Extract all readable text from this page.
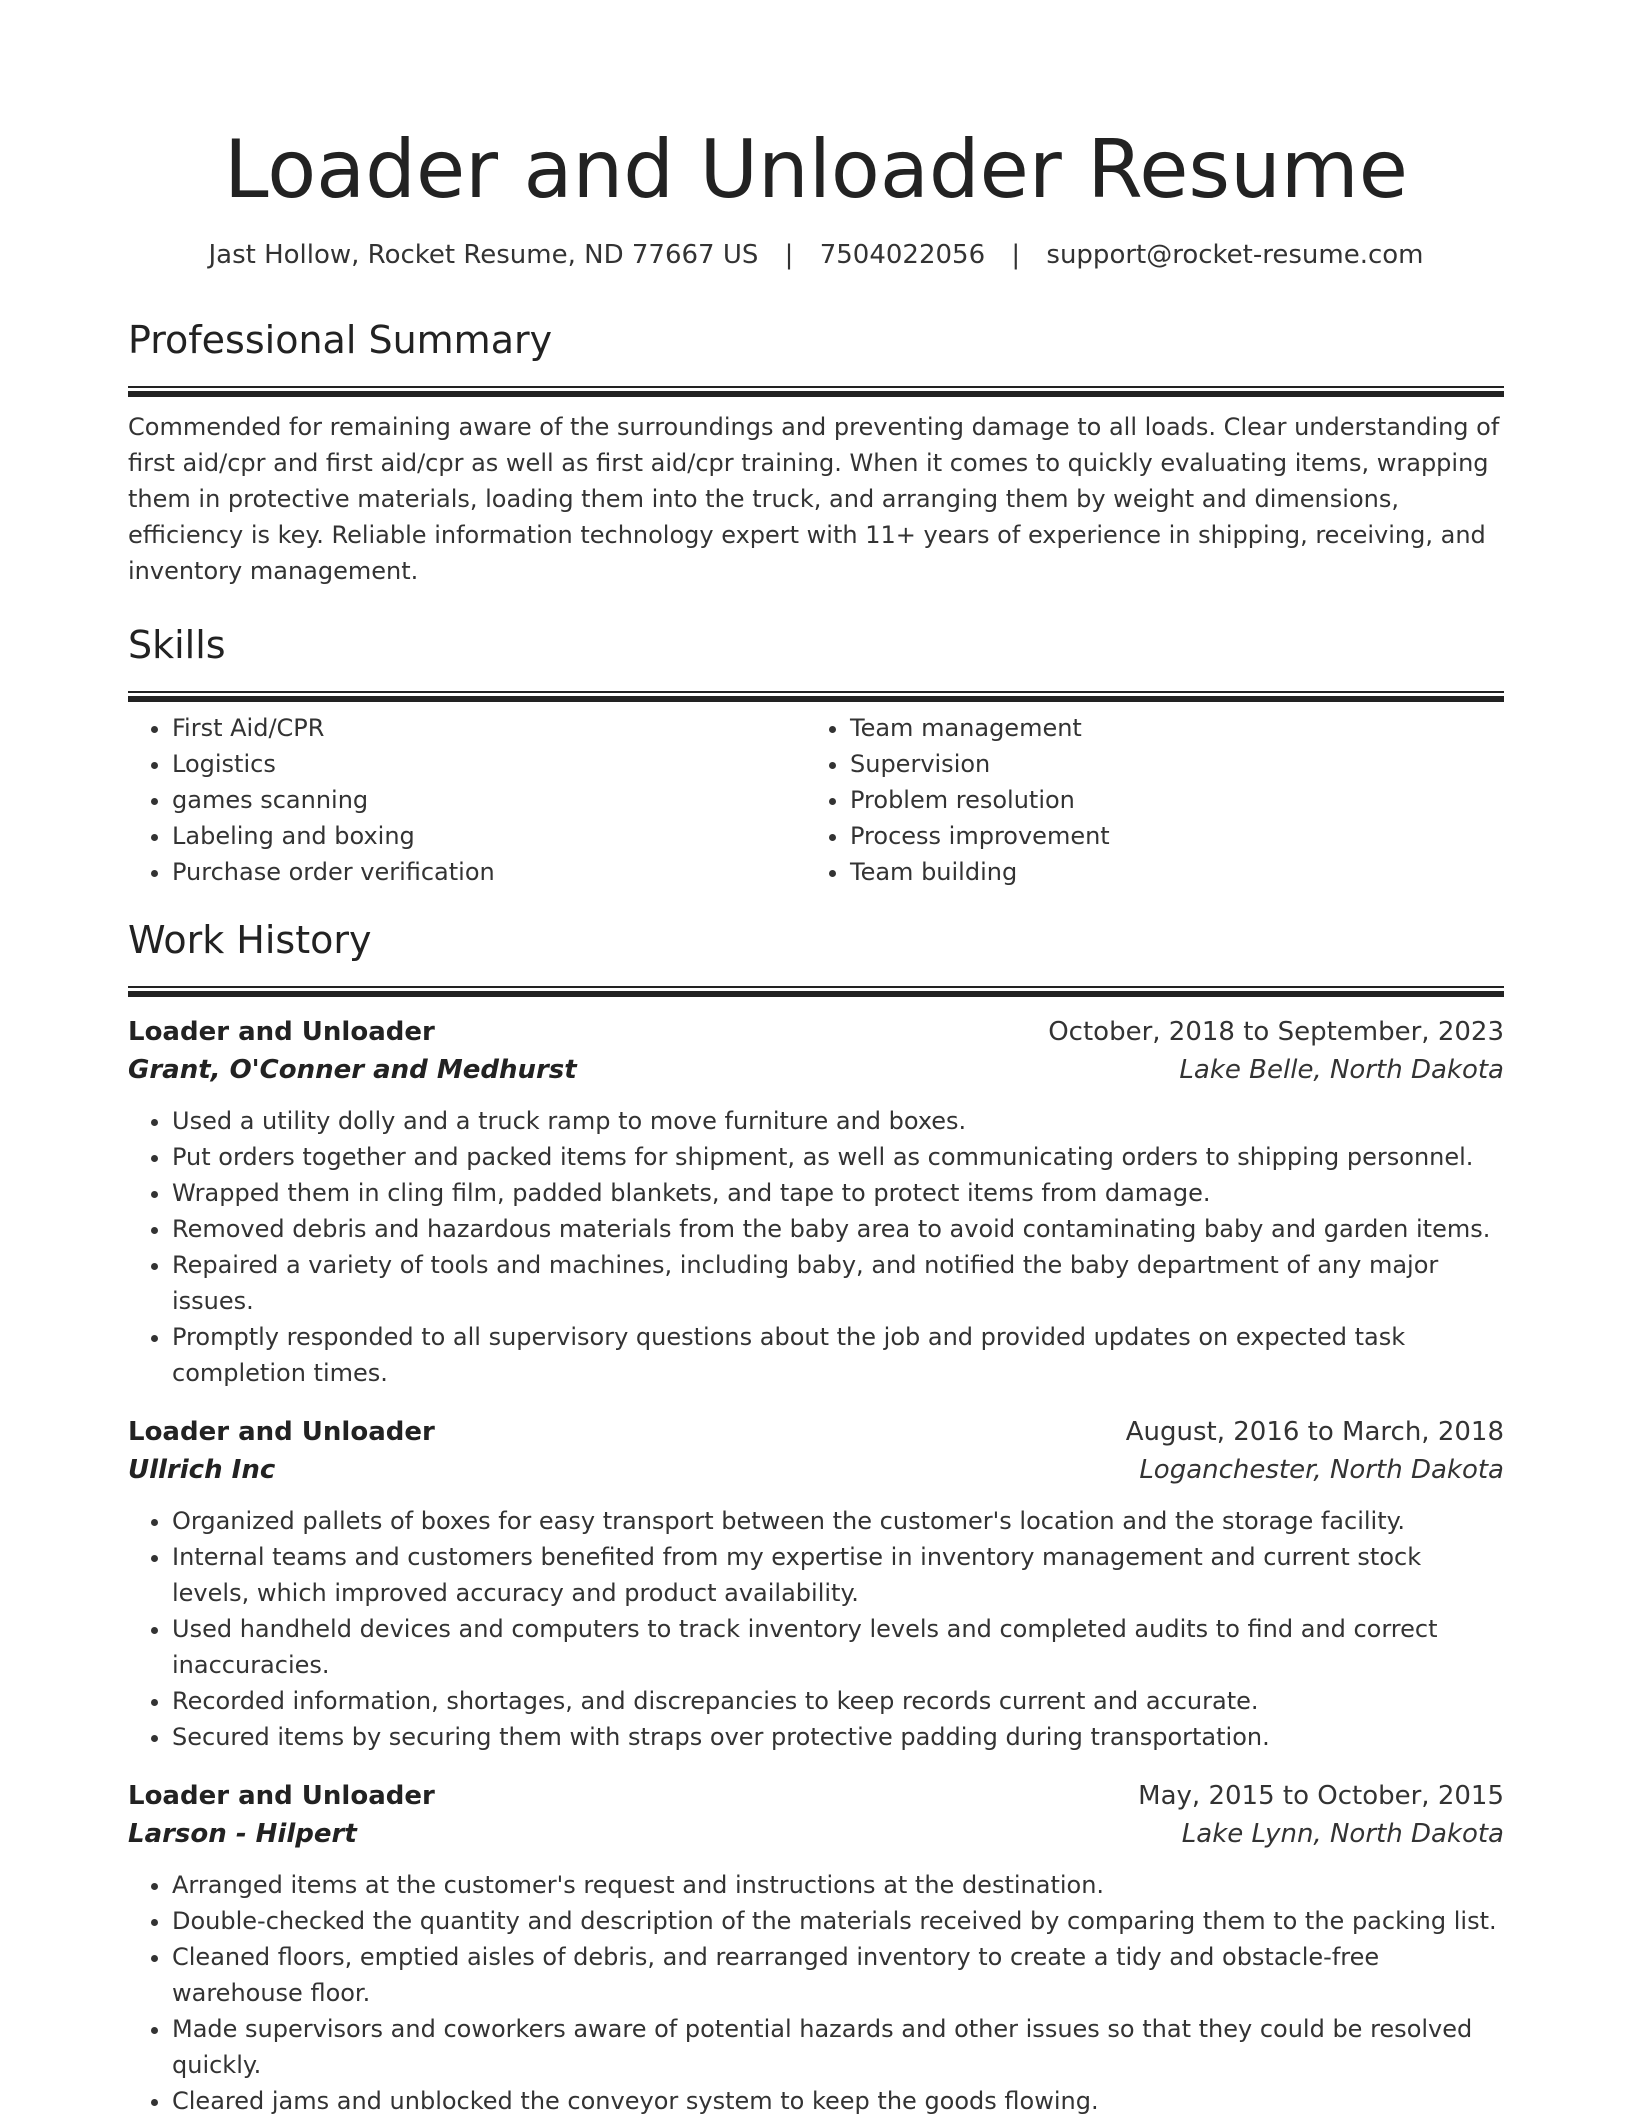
Loader and Unloader Resume
Jast Hollow, Rocket Resume, ND 77667 US | 7504022056 | support@rocket-resume.com
Professional Summary

Commended for remaining aware of the surroundings and preventing damage to all loads. Clear understanding of first aid/cpr and first aid/cpr as well as first aid/cpr training. When it comes to quickly evaluating items, wrapping them in protective materials, loading them into the truck, and arranging them by weight and dimensions, efficiency is key. Reliable information technology expert with 11+ years of experience in shipping, receiving, and inventory management.

Skills
• First Aid/CPR
• Logistics
• games scanning
• Labeling and boxing
• Purchase order verification
• Team management
• Supervision
• Problem resolution
• Process improvement
• Team building
Work History
Loader and Unloader	October, 2018 to September, 2023
Grant, O'Conner and Medhurst	Lake Belle, North Dakota
• Used a utility dolly and a truck ramp to move furniture and boxes.
• Put orders together and packed items for shipment, as well as communicating orders to shipping personnel.
• Wrapped them in cling film, padded blankets, and tape to protect items from damage.
• Removed debris and hazardous materials from the baby area to avoid contaminating baby and garden items.
• Repaired a variety of tools and machines, including baby, and notified the baby department of any major issues.
• Promptly responded to all supervisory questions about the job and provided updates on expected task completion times.
Loader and Unloader	August, 2016 to March, 2018
Ullrich Inc	Loganchester, North Dakota
• Organized pallets of boxes for easy transport between the customer's location and the storage facility.
• Internal teams and customers benefited from my expertise in inventory management and current stock levels, which improved accuracy and product availability.
• Used handheld devices and computers to track inventory levels and completed audits to find and correct inaccuracies.
• Recorded information, shortages, and discrepancies to keep records current and accurate.
• Secured items by securing them with straps over protective padding during transportation.
Loader and Unloader	May, 2015 to October, 2015
Larson - Hilpert	Lake Lynn, North Dakota
• Arranged items at the customer's request and instructions at the destination.
• Double-checked the quantity and description of the materials received by comparing them to the packing list.
• Cleaned floors, emptied aisles of debris, and rearranged inventory to create a tidy and obstacle-free warehouse floor.
• Made supervisors and coworkers aware of potential hazards and other issues so that they could be resolved quickly.
• Cleared jams and unblocked the conveyor system to keep the goods flowing.
